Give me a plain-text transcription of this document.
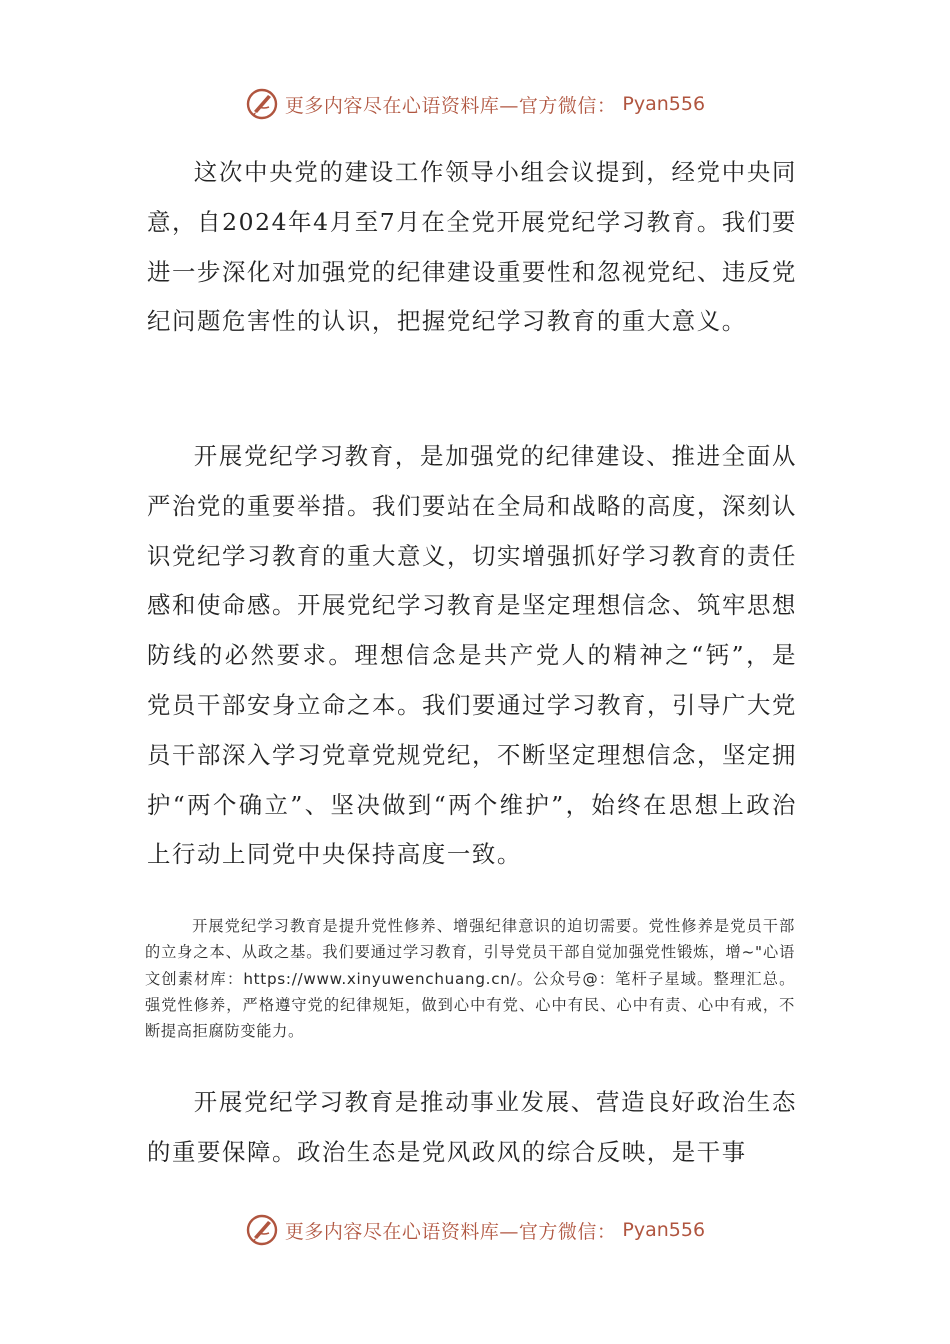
更多内容尽在心语资料库—官方微信： Pyan556

这次中央党的建设工作领导小组会议提到，经党中央同意，自2024年4月至7月在全党开展党纪学习教育。我们要进一步深化对加强党的纪律建设重要性和忽视党纪、违反党纪问题危害性的认识，把握党纪学习教育的重大意义。

开展党纪学习教育，是加强党的纪律建设、推进全面从严治党的重要举措。我们要站在全局和战略的高度，深刻认识党纪学习教育的重大意义，切实增强抓好学习教育的责任感和使命感。开展党纪学习教育是坚定理想信念、筑牢思想防线的必然要求。理想信念是共产党人的精神之“钙”，是党员干部安身立命之本。我们要通过学习教育，引导广大党员干部深入学习党章党规党纪，不断坚定理想信念，坚定拥护“两个确立”、坚决做到“两个维护”，始终在思想上政治上行动上同党中央保持高度一致。

开展党纪学习教育是提升党性修养、增强纪律意识的迫切需要。党性修养是党员干部的立身之本、从政之基。我们要通过学习教育，引导党员干部自觉加强党性锻炼，增~"心语文创素材库：https://www.xinyuwenchuang.cn/。公众号@：笔杆子星域。整理汇总。强党性修养，严格遵守党的纪律规矩，做到心中有党、心中有民、心中有责、心中有戒，不断提高拒腐防变能力。

开展党纪学习教育是推动事业发展、营造良好政治生态的重要保障。政治生态是党风政风的综合反映，是干事

更多内容尽在心语资料库—官方微信： Pyan556
